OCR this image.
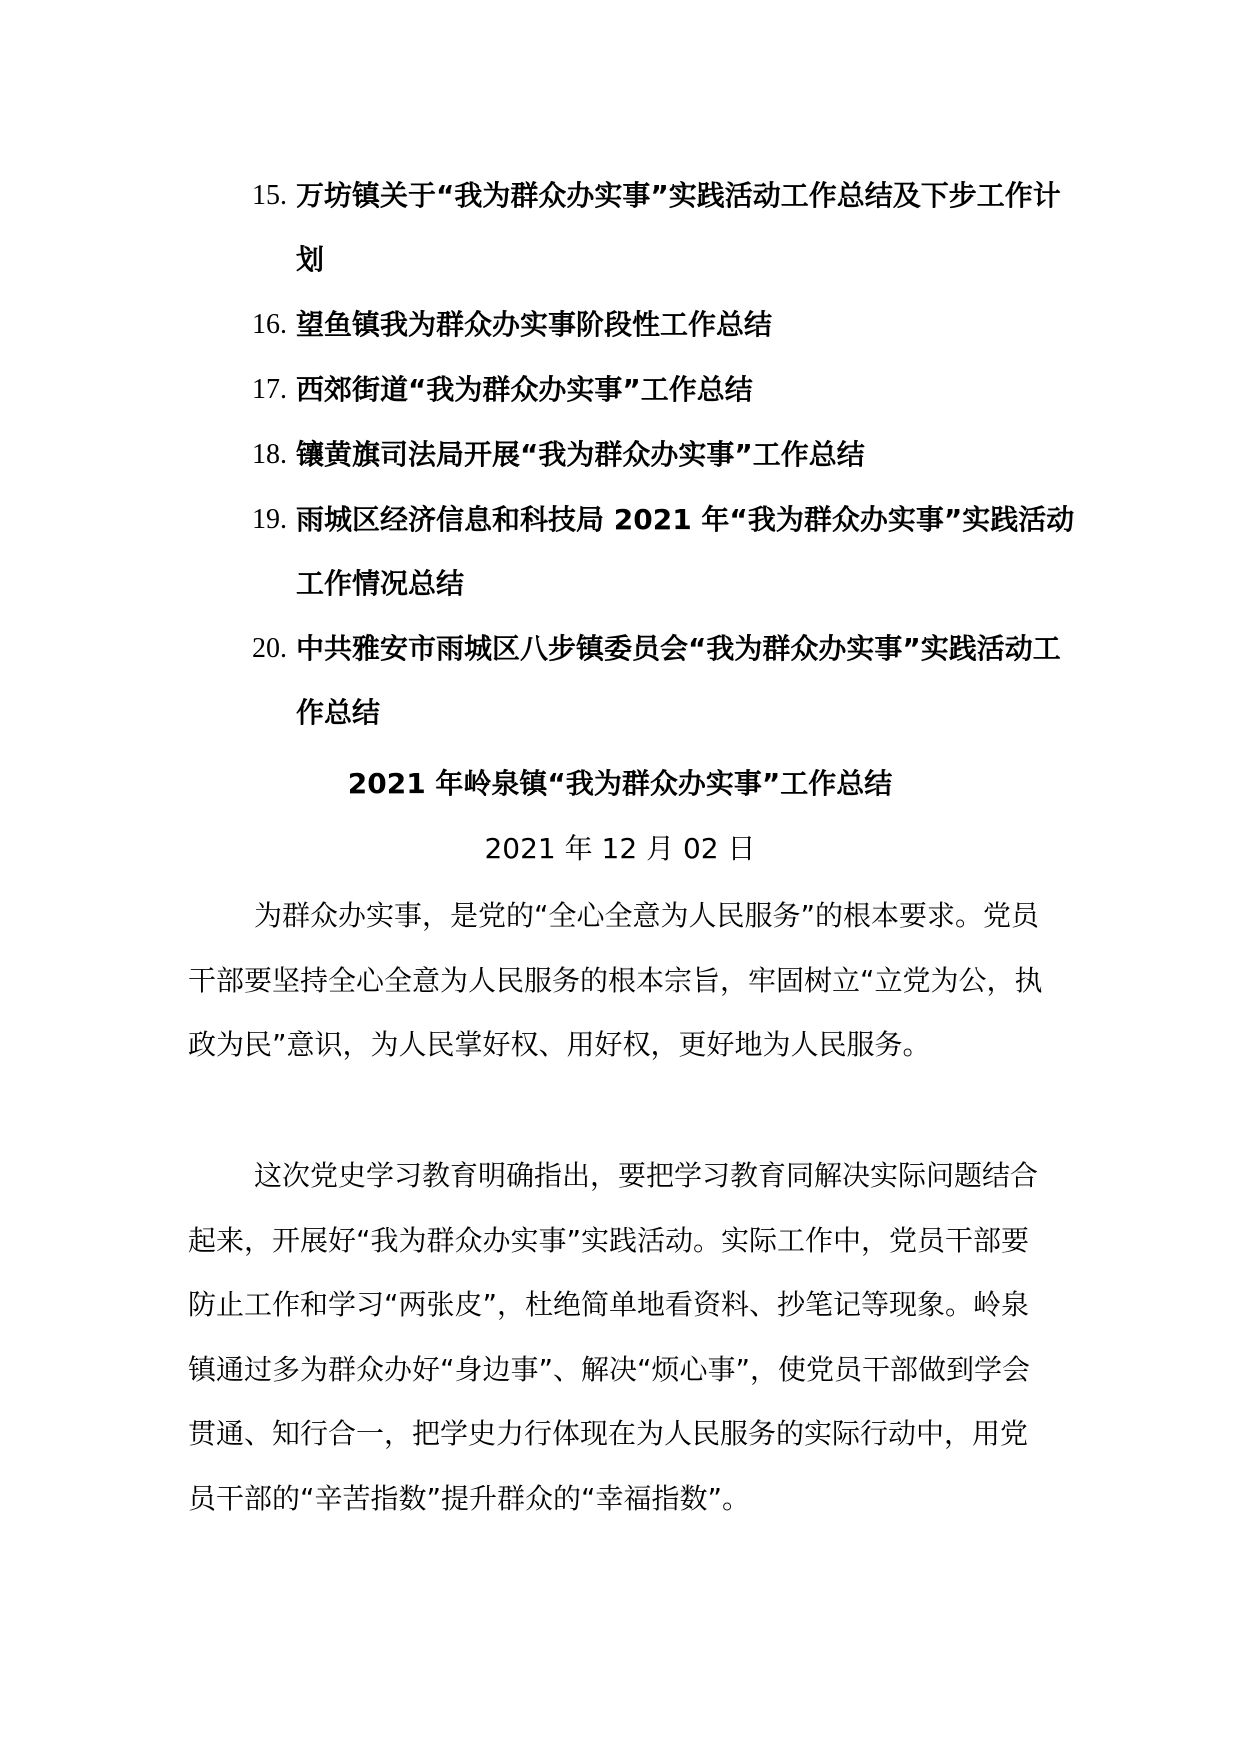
15. 万坊镇关于“我为群众办实事”实践活动工作总结及下步工作计划
16. 望鱼镇我为群众办实事阶段性工作总结
17. 西郊街道“我为群众办实事”工作总结
18. 镶黄旗司法局开展“我为群众办实事”工作总结
19. 雨城区经济信息和科技局 2021 年“我为群众办实事”实践活动工作情况总结
20. 中共雅安市雨城区八步镇委员会“我为群众办实事”实践活动工作总结
2021 年岭泉镇“我为群众办实事”工作总结
2021 年 12 月 02 日

为群众办实事，是党的“全心全意为人民服务”的根本要求。党员干部要坚持全心全意为人民服务的根本宗旨，牢固树立“立党为公，执政为民”意识，为人民掌好权、用好权，更好地为人民服务。

这次党史学习教育明确指出，要把学习教育同解决实际问题结合起来，开展好“我为群众办实事”实践活动。实际工作中，党员干部要防止工作和学习“两张皮”，杜绝简单地看资料、抄笔记等现象。岭泉镇通过多为群众办好“身边事”、解决“烦心事”，使党员干部做到学会贯通、知行合一，把学史力行体现在为人民服务的实际行动中，用党员干部的“辛苦指数”提升群众的“幸福指数”。
